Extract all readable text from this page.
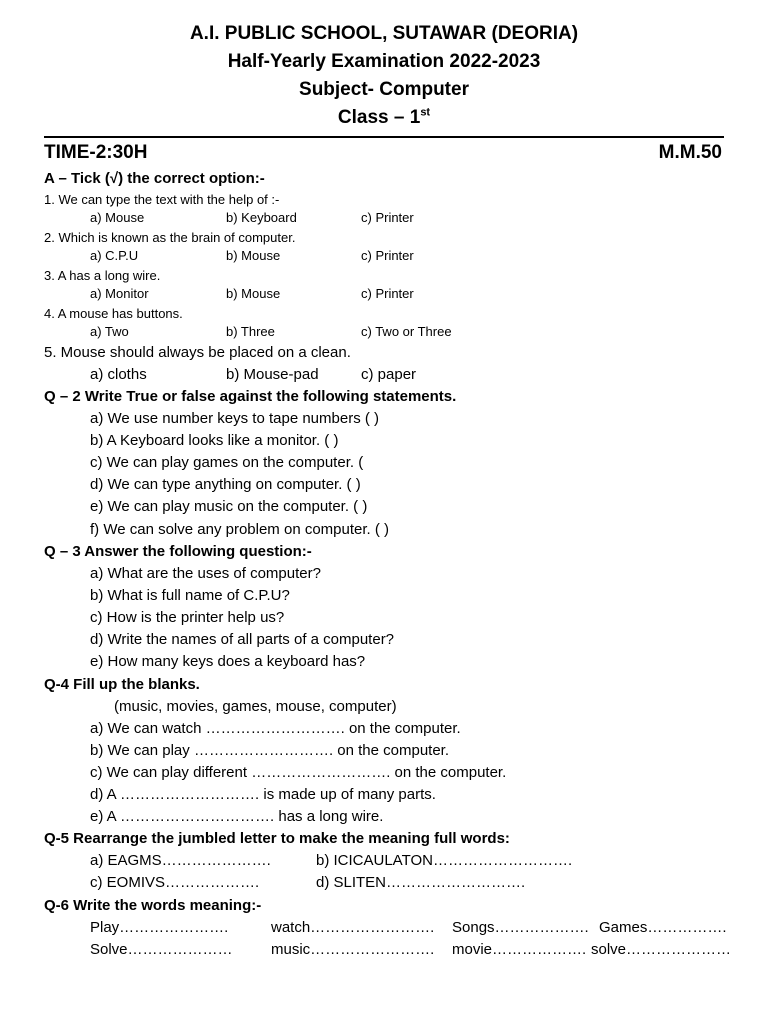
A.I. PUBLIC SCHOOL, SUTAWAR (DEORIA)
Half-Yearly Examination 2022-2023
Subject- Computer
Class – 1st
TIME-2:30H	M.M.50
A – Tick (√) the correct option:-
1. We can type the text with the help of :-
a) Mouse	b) Keyboard	c) Printer
2. Which is known as the brain of computer.
a) C.P.U	b) Mouse	c) Printer
3. A has a long wire.
a) Monitor	b) Mouse	c) Printer
4. A mouse has buttons.
a) Two	b) Three	c) Two or Three
5. Mouse should always be placed on a clean.
a) cloths	b) Mouse-pad	c) paper
Q – 2 Write True or false against the following statements.
a) We use number keys to tape numbers ( )
b) A Keyboard looks like a monitor. ( )
c) We can play games on the computer. (
d) We can type anything on computer. ( )
e) We can play music on the computer. ( )
f) We can solve any problem on computer. ( )
Q – 3 Answer the following question:-
a) What are the uses of computer?
b) What is full name of C.P.U?
c) How is the printer help us?
d) Write the names of all parts of a computer?
e) How many keys does a keyboard has?
Q-4 Fill up the blanks.
(music, movies, games, mouse, computer)
a) We can watch ………………………. on the computer.
b) We can play ………………………. on the computer.
c) We can play different ………………………. on the computer.
d) A ………………………. is made up of many parts.
e) A …………………………. has a long wire.
Q-5 Rearrange the jumbled letter to make the meaning full words:
a) EAGMS………………….	b) ICICAULATON……………………….
c) EOMIVS……………….	d) SLITEN……………………….
Q-6 Write the words meaning:-
Play………………….	watch……………………. Songs………………. Games…………….
Solve…………………	music……………………. movie………………. solve…………………
